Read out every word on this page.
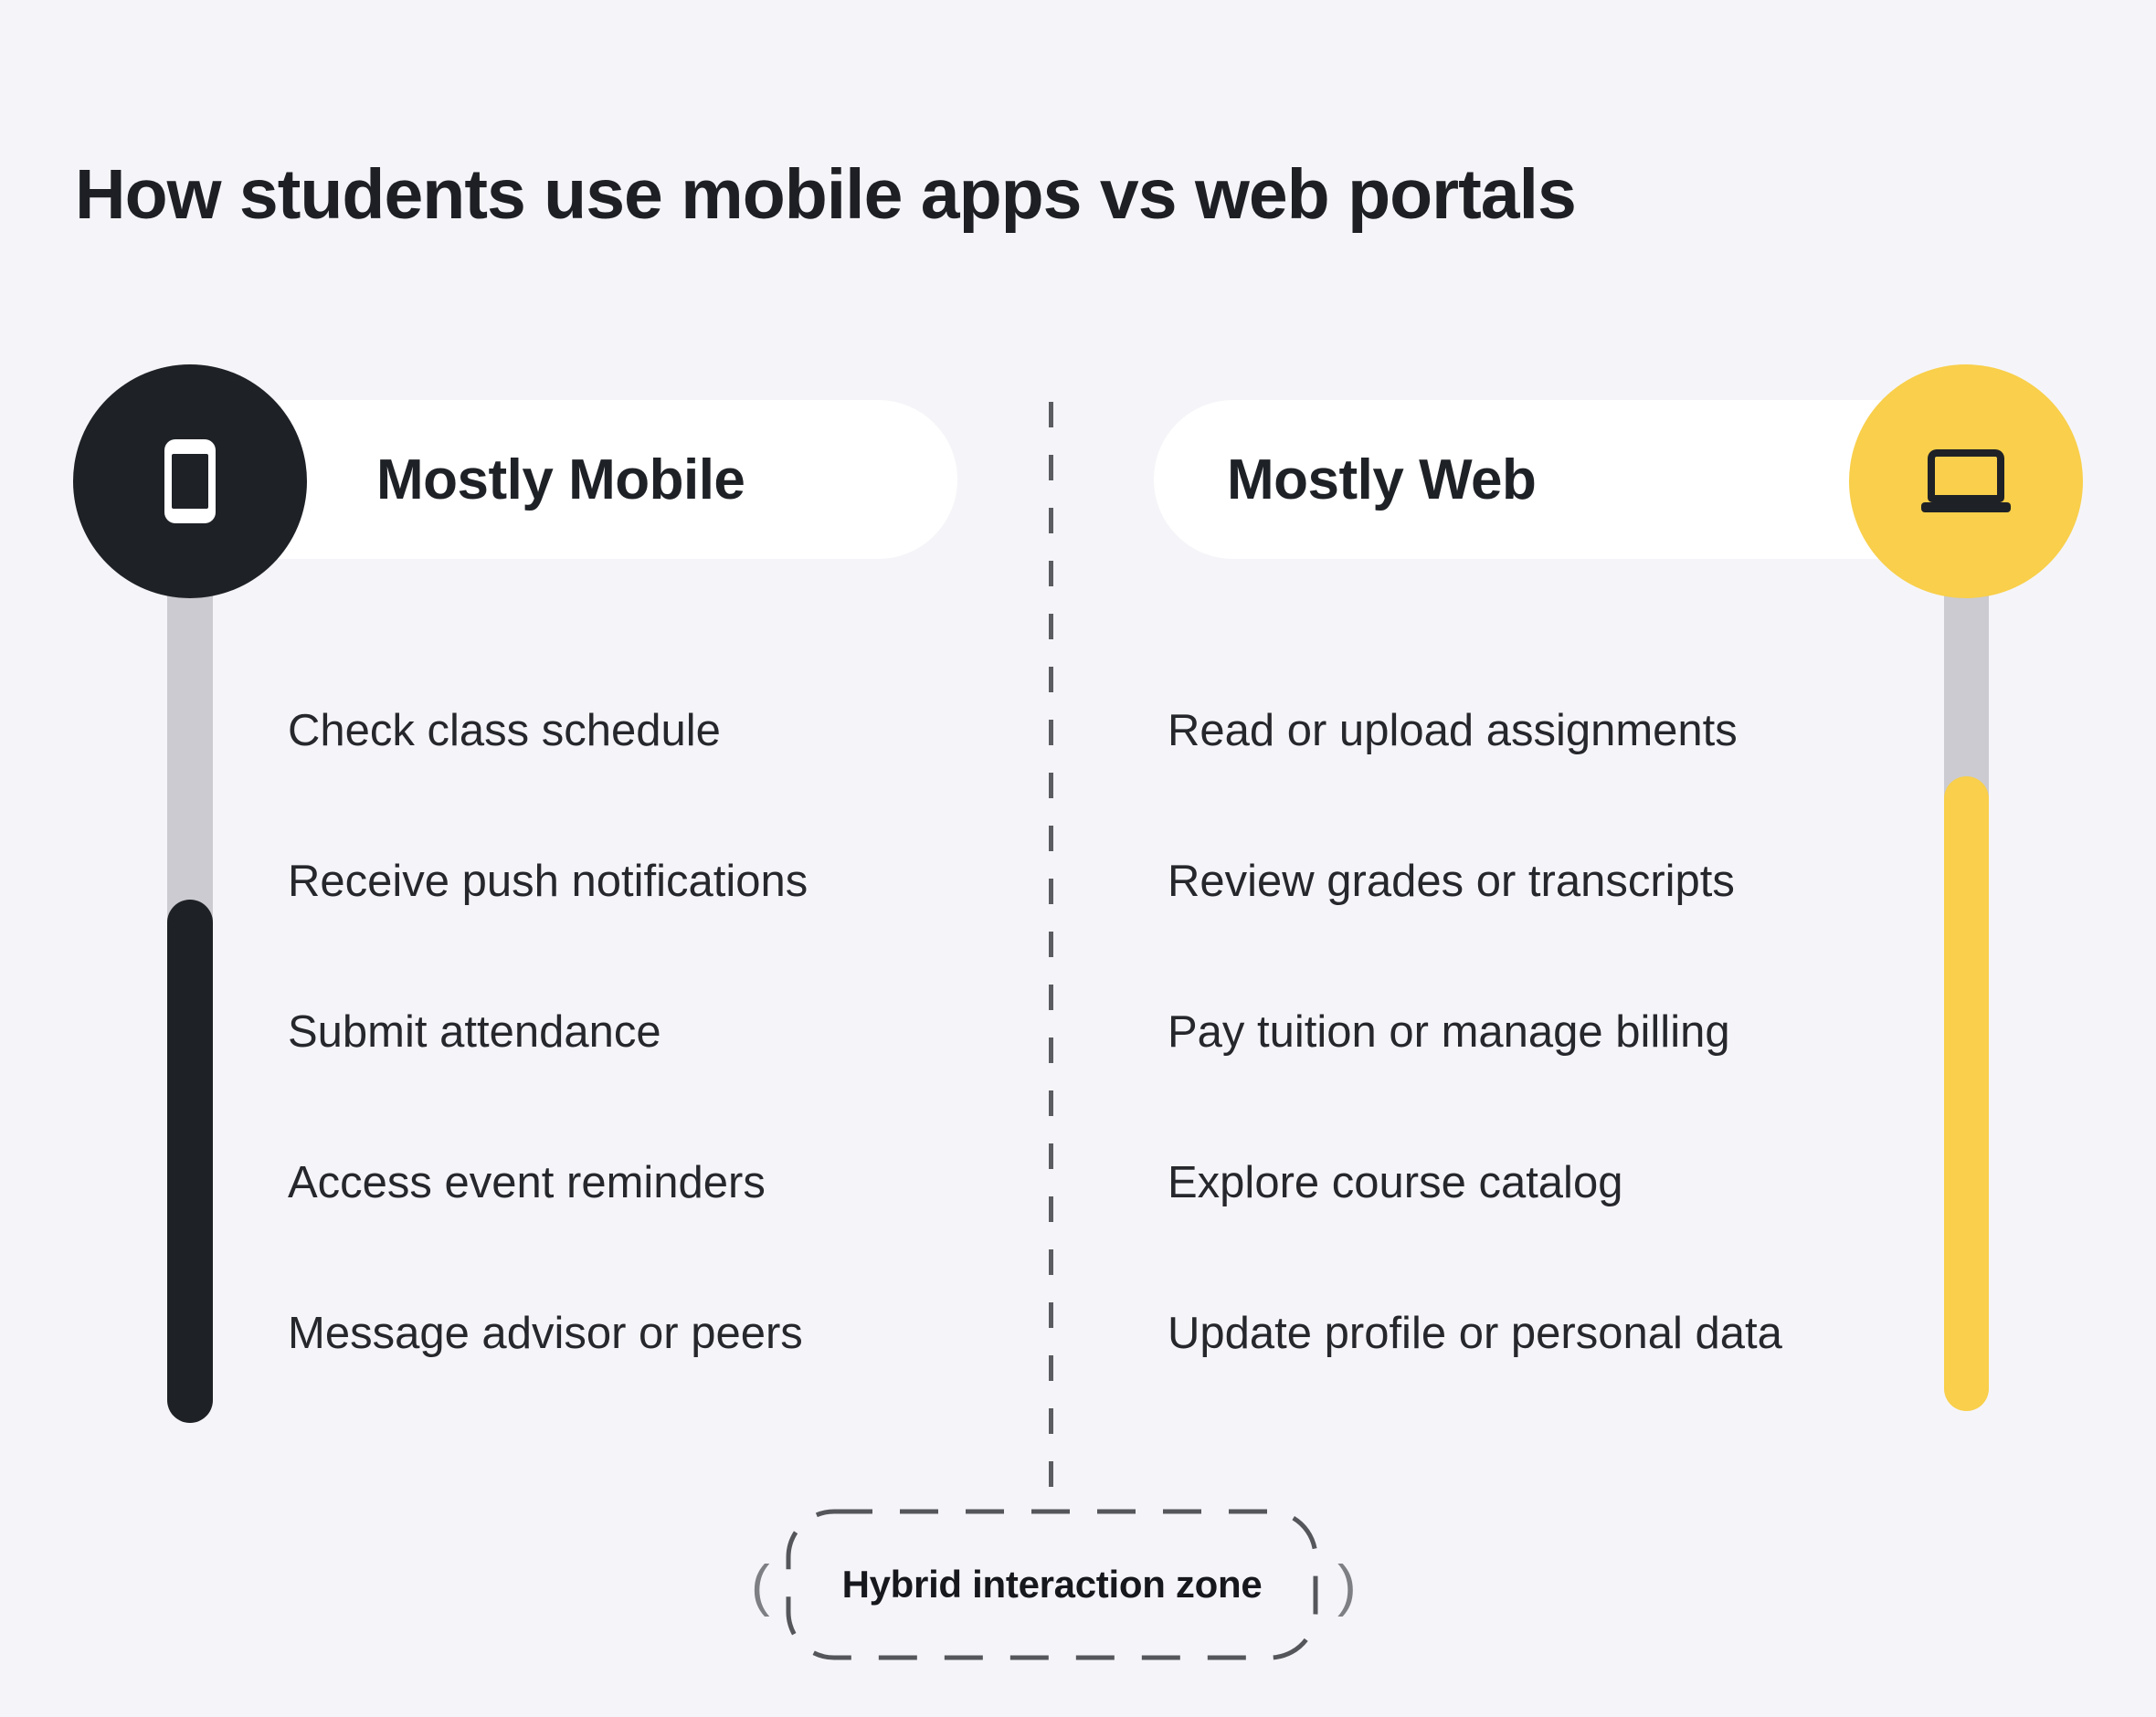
How students use mobile apps vs web portals
Mostly Mobile
Check class schedule
Receive push notifications
Submit attendance
Access event reminders
Message advisor or peers
Mostly Web
Read or upload assignments
Review grades or transcripts
Pay tuition or manage billing
Explore course catalog
Update profile or personal data
( Hybrid interaction zone )
